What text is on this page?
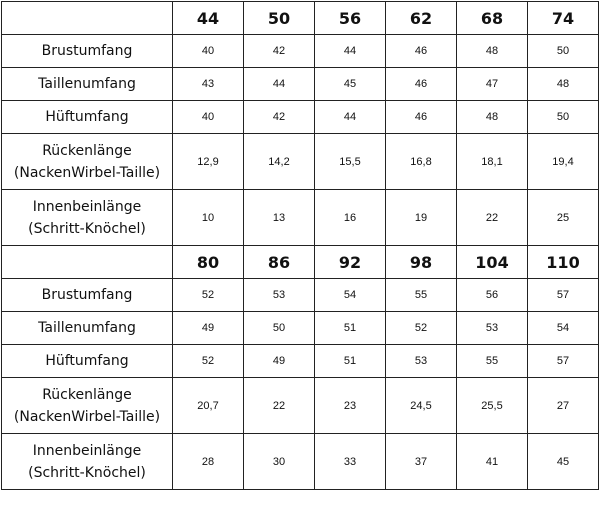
	44	50	56	62	68	74
Brustumfang	40	42	44	46	48	50
Taillenumfang	43	44	45	46	47	48
Hüftumfang	40	42	44	46	48	50

Rückenlänge
(NackenWirbel-Taille)	12,9	14,2	15,5	16,8	18,1	19,4

Innenbeinlänge
(Schritt-Knöchel)	10	13	16	19	22	25
	80	86	92	98	104	110
Brustumfang	52	53	54	55	56	57
Taillenumfang	49	50	51	52	53	54
Hüftumfang	52	49	51	53	55	57

Rückenlänge
(NackenWirbel-Taille)	20,7	22	23	24,5	25,5	27

Innenbeinlänge
(Schritt-Knöchel)	28	30	33	37	41	45
